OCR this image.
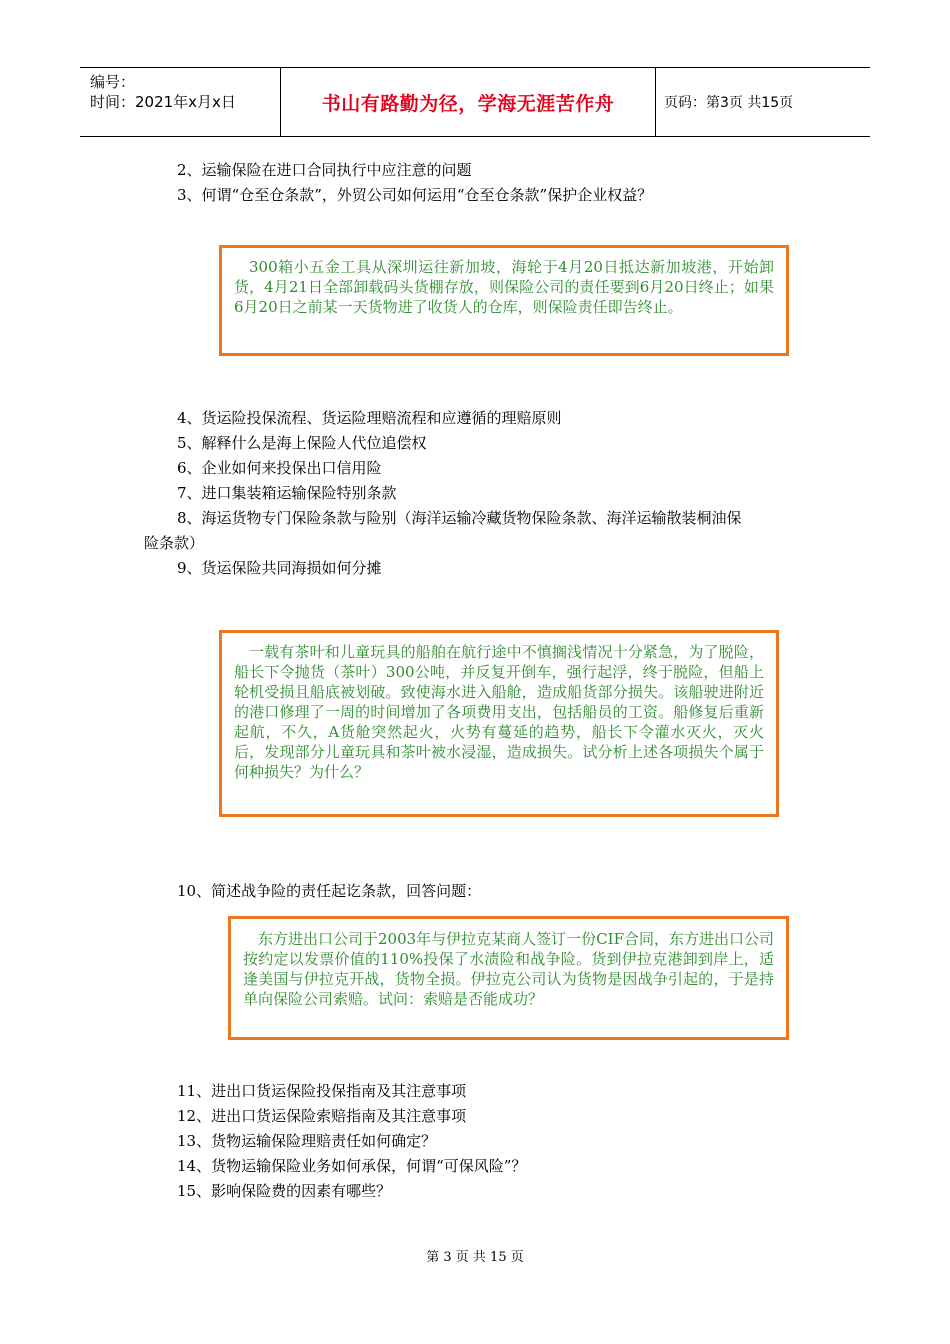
编号：
时间：2021年x月x日	书山有路勤为径，学海无涯苦作舟	页码：第3页 共15页
2、运输保险在进口合同执行中应注意的问题
3、何谓“仓至仓条款”，外贸公司如何运用“仓至仓条款”保护企业权益？

300箱小五金工具从深圳运往新加坡，海轮于4月20日抵达新加坡港，开始卸货，4月21日全部卸载码头货棚存放，则保险公司的责任要到6月20日终止；如果6月20日之前某一天货物进了收货人的仓库，则保险责任即告终止。

4、货运险投保流程、货运险理赔流程和应遵循的理赔原则
5、解释什么是海上保险人代位追偿权
6、企业如何来投保出口信用险
7、进口集装箱运输保险特别条款
8、海运货物专门保险条款与险别（海洋运输冷藏货物保险条款、海洋运输散装桐油保
险条款）
9、货运保险共同海损如何分摊

一载有茶叶和儿童玩具的船舶在航行途中不慎搁浅情况十分紧急，为了脱险，船长下令抛货（茶叶）300公吨，并反复开倒车，强行起浮，终于脱险，但船上轮机受损且船底被划破。致使海水进入船舱，造成船货部分损失。该船驶进附近的港口修理了一周的时间增加了各项费用支出，包括船员的工资。船修复后重新起航，不久，A货舱突然起火，火势有蔓延的趋势，船长下令灌水灭火，灭火后，发现部分儿童玩具和茶叶被水浸湿，造成损失。试分析上述各项损失个属于何种损失？为什么？

10、简述战争险的责任起讫条款，回答问题：

东方进出口公司于2003年与伊拉克某商人签订一份CIF合同，东方进出口公司按约定以发票价值的110%投保了水渍险和战争险。货到伊拉克港卸到岸上，适逢美国与伊拉克开战，货物全损。伊拉克公司认为货物是因战争引起的，于是持单向保险公司索赔。试问：索赔是否能成功？

11、进出口货运保险投保指南及其注意事项
12、进出口货运保险索赔指南及其注意事项
13、货物运输保险理赔责任如何确定？
14、货物运输保险业务如何承保，何谓“可保风险”？
15、影响保险费的因素有哪些？
第 3 页 共 15 页
